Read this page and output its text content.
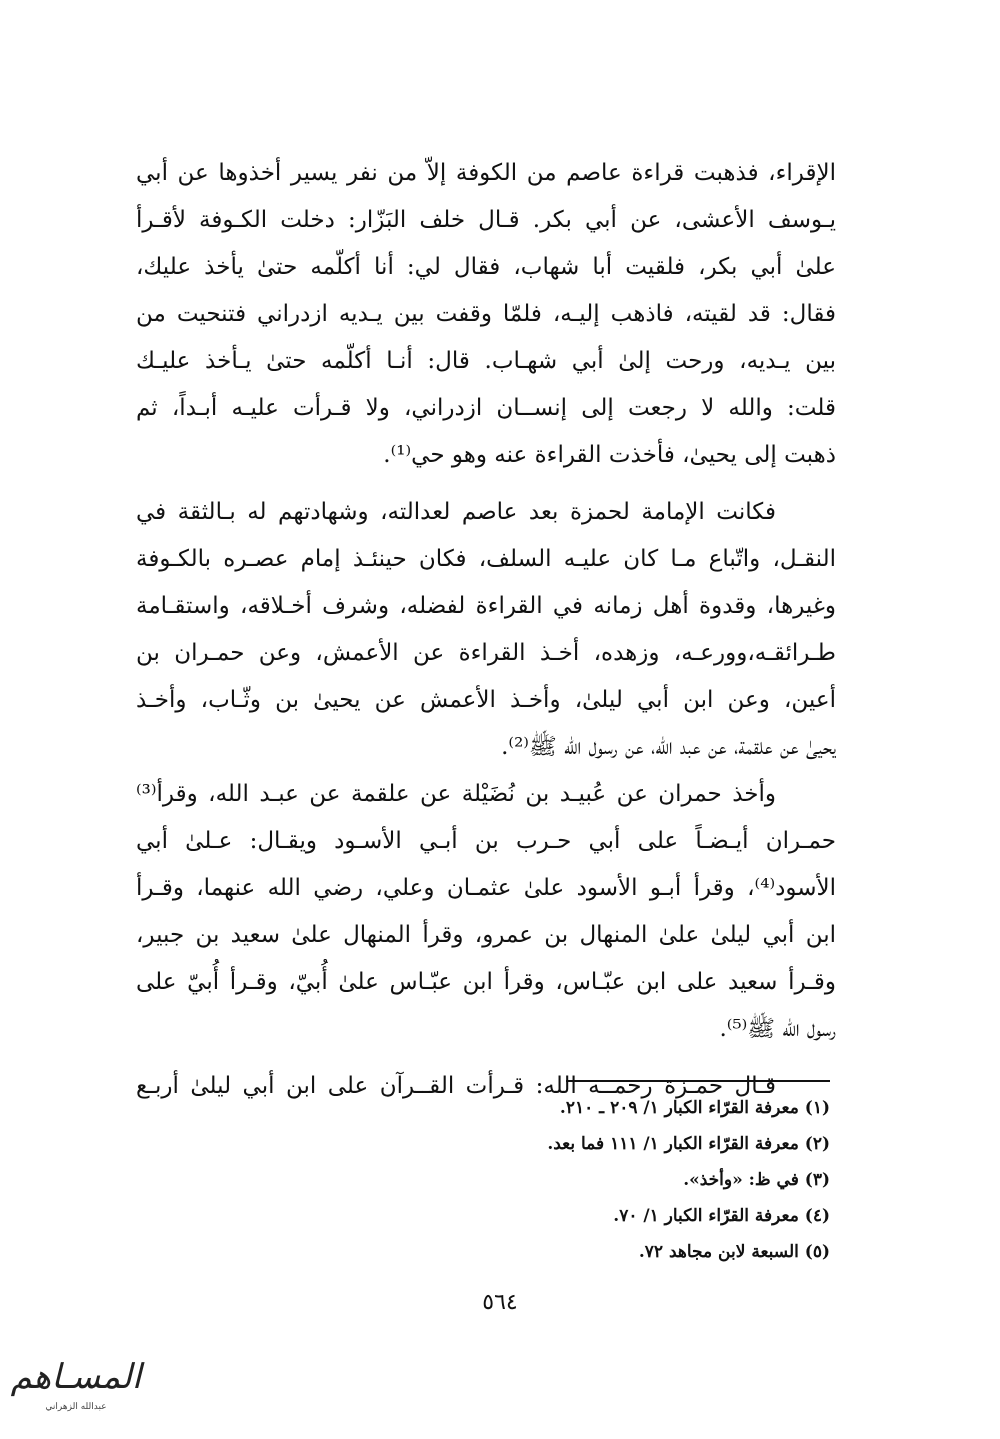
الإقراء، فذهبت قراءة عاصم من الكوفة إلاّ من نفر يسير أخذوها عن أبي
يـوسف الأعشى، عن أبي بكر. قـال خلف البَزّار: دخلت الكـوفة لأقـرأ
علىٰ أبي بكر، فلقيت أبا شهاب، فقال لي: أنا أكلّمه حتىٰ يأخذ عليك،
فقال: قد لقيته، فاذهب إليـه، فلمّا وقفت بين يـديه ازدراني فتنحيت من
بين يـديه، ورحت إلىٰ أبي شهـاب. قال: أنـا أكلّمه حتىٰ يـأخذ عليـك
قلت: والله لا رجعت إلى إنســان ازدراني، ولا قـرأت عليـه أبـداً، ثم
ذهبت إلى يحيىٰ، فأخذت القراءة عنه وهو حي⁽¹⁾.
فكانت الإمامة لحمزة بعد عاصم لعدالته، وشهادتهم له بـالثقة في
النقـل، واتّباع مـا كان عليـه السلف، فكان حينئـذ إمام عصـره بالكـوفة
وغيرها، وقدوة أهل زمانه في القراءة لفضله، وشرف أخـلاقه، واستقـامة
طـرائقـه،وورعـه، وزهده، أخـذ القراءة عن الأعمش، وعن حمـران بن
أعين، وعن ابن أبي ليلىٰ، وأخـذ الأعمش عن يحيىٰ بن وثّـاب، وأخـذ
يحيىٰ عن علقمة، عن عبد الله، عن رسول الله ﷺ⁽²⁾.
وأخذ حمران عن عُبيـد بن نُضَيْلة عن علقمة عن عبـد الله، وقرأ⁽³⁾
حمـران أيـضـاً على أبي حـرب بن أبـي الأسـود ويقـال: عـلىٰ أبي
الأسود⁽⁴⁾، وقرأ أبـو الأسود علىٰ عثمـان وعلي، رضي الله عنهما، وقـرأ
ابن أبي ليلىٰ علىٰ المنهال بن عمرو، وقرأ المنهال علىٰ سعيد بن جبير،
وقـرأ سعيد على ابن عبّـاس، وقرأ ابن عبّـاس علىٰ أُبيّ، وقـرأ أُبيّ على
رسول الله ﷺ⁽⁵⁾.
قـال حمـزة رحمــه الله: قـرأت القــرآن على ابن أبي ليلىٰ أربـع
(١) معرفة القرّاء الكبار ١/ ٢٠٩ ـ ٢١٠.
(٢) معرفة القرّاء الكبار ١/ ١١١ فما بعد.
(٣) في ظ: «وأخذ».
(٤) معرفة القرّاء الكبار ١/ ٧٠.
(٥) السبعة لابن مجاهد ٧٢.
٥٦٤
المسـاهم
عبدالله الزهراني
